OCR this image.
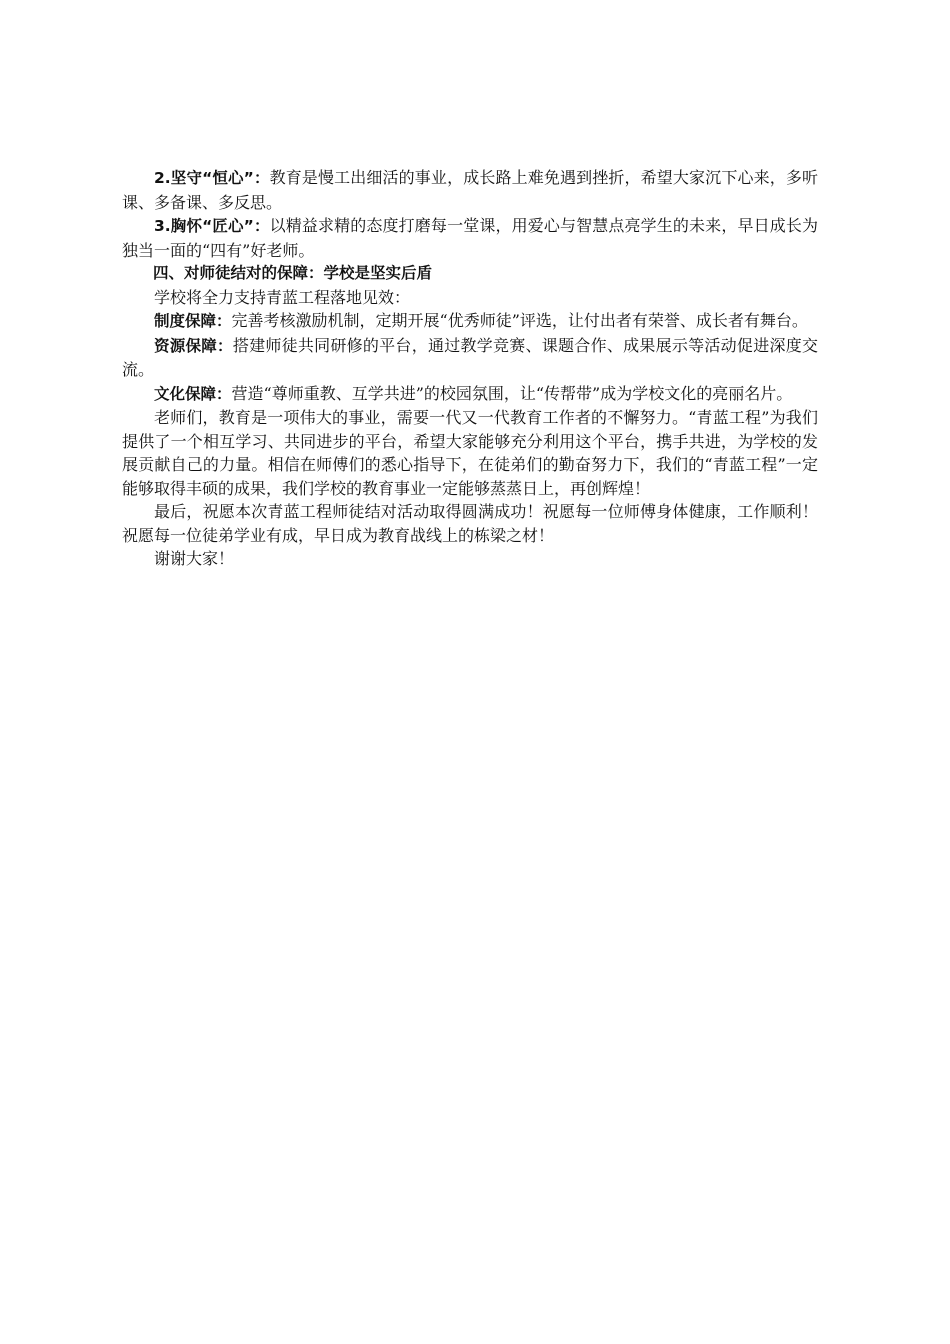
2.坚守“恒心”：教育是慢工出细活的事业，成长路上难免遇到挫折，希望大家沉下心来，多听课、多备课、多反思。

3.胸怀“匠心”：以精益求精的态度打磨每一堂课，用爱心与智慧点亮学生的未来，早日成长为独当一面的“四有”好老师。

四、对师徒结对的保障：学校是坚实后盾

学校将全力支持青蓝工程落地见效：

制度保障：完善考核激励机制，定期开展“优秀师徒”评选，让付出者有荣誉、成长者有舞台。

资源保障：搭建师徒共同研修的平台，通过教学竞赛、课题合作、成果展示等活动促进深度交流。

文化保障：营造“尊师重教、互学共进”的校园氛围，让“传帮带”成为学校文化的亮丽名片。

老师们，教育是一项伟大的事业，需要一代又一代教育工作者的不懈努力。“青蓝工程”为我们提供了一个相互学习、共同进步的平台，希望大家能够充分利用这个平台，携手共进，为学校的发展贡献自己的力量。相信在师傅们的悉心指导下，在徒弟们的勤奋努力下，我们的“青蓝工程”一定能够取得丰硕的成果，我们学校的教育事业一定能够蒸蒸日上，再创辉煌！

最后，祝愿本次青蓝工程师徒结对活动取得圆满成功！祝愿每一位师傅身体健康，工作顺利！祝愿每一位徒弟学业有成，早日成为教育战线上的栋梁之材！

谢谢大家！
